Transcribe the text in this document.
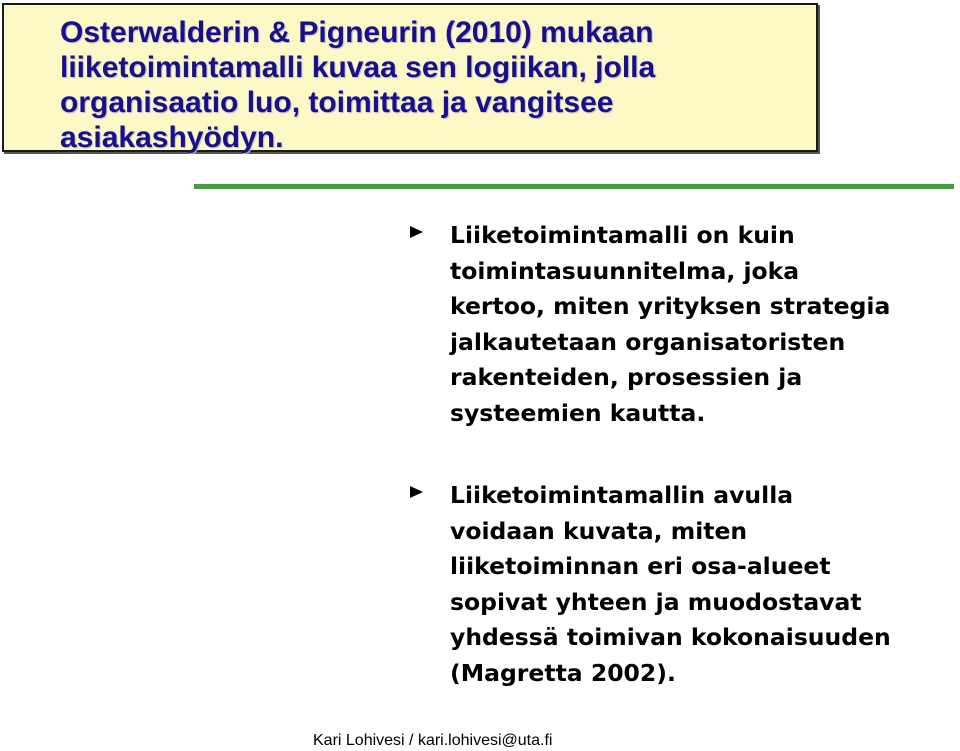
Osterwalderin & Pigneurin (2010) mukaan
liiketoimintamalli kuvaa sen logiikan, jolla
organisaatio luo, toimittaa ja vangitsee
asiakashyödyn.

Liiketoimintamalli on kuin
toimintasuunnitelma, joka
kertoo, miten yrityksen strategia
jalkautetaan organisatoristen
rakenteiden, prosessien ja
systeemien kautta.
Liiketoimintamallin avulla
voidaan kuvata, miten
liiketoiminnan eri osa-alueet
sopivat yhteen ja muodostavat
yhdessä toimivan kokonaisuuden
(Magretta 2002).

Kari Lohivesi / kari.lohivesi@uta.fi
